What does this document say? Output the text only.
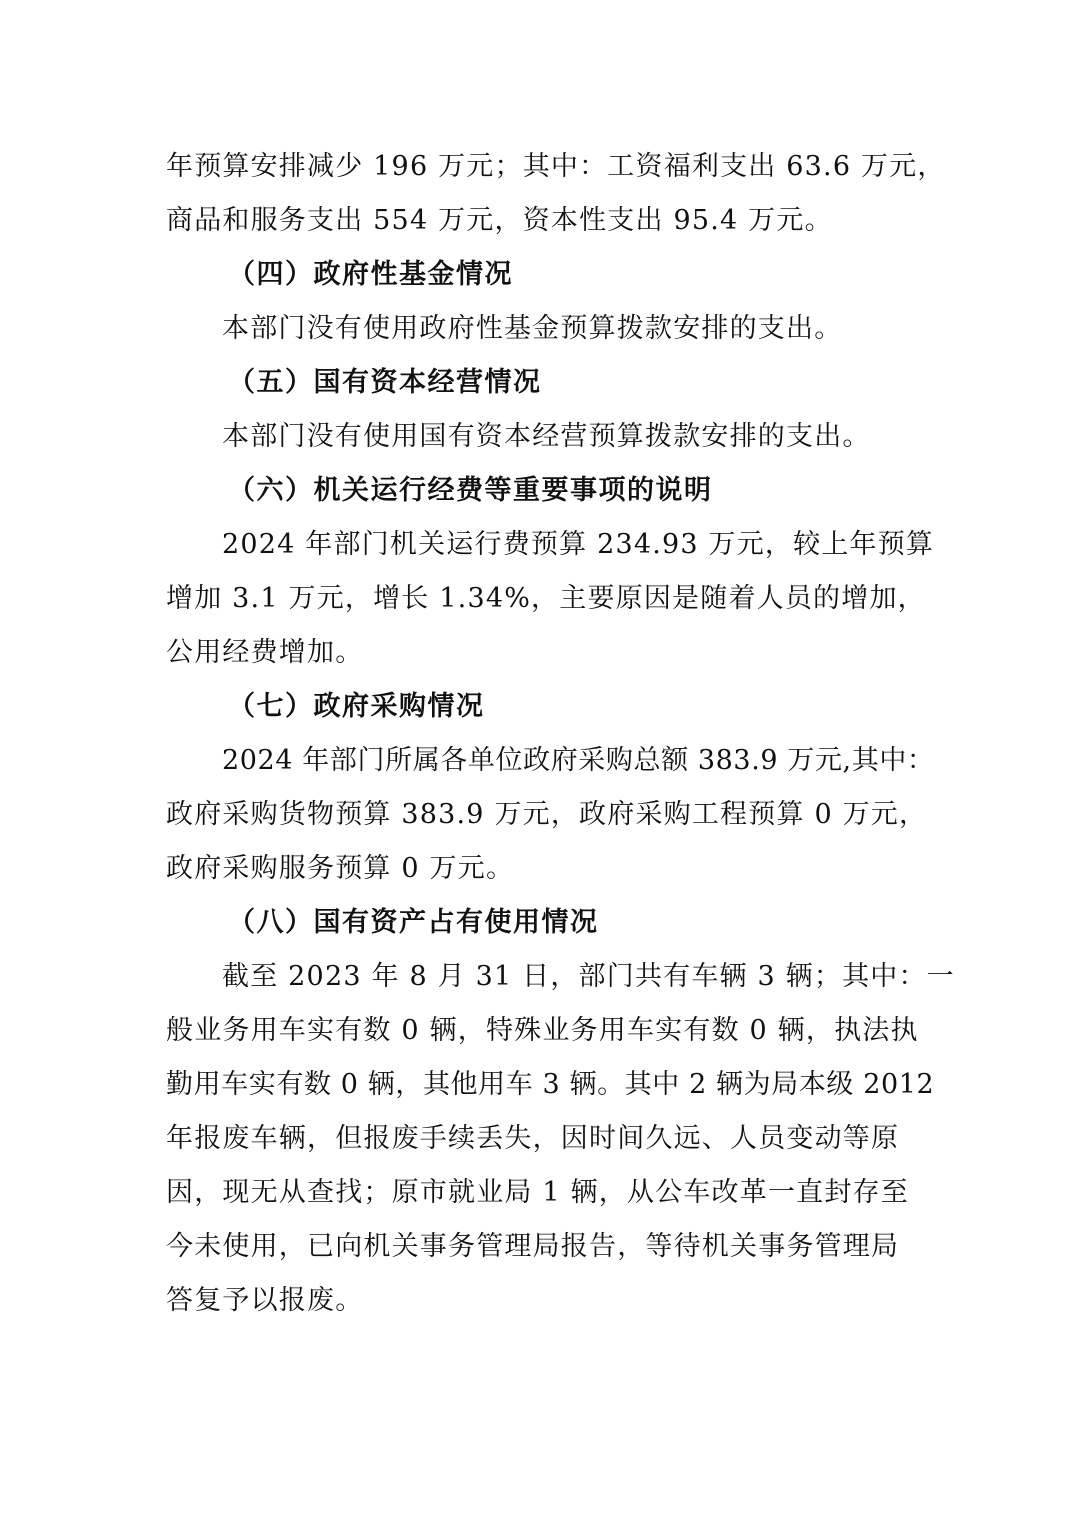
年预算安排减少 196 万元；其中：工资福利支出 63.6 万元，
商品和服务支出 554 万元，资本性支出 95.4 万元。
（四）政府性基金情况
本部门没有使用政府性基金预算拨款安排的支出。
（五）国有资本经营情况
本部门没有使用国有资本经营预算拨款安排的支出。
（六）机关运行经费等重要事项的说明
2024 年部门机关运行费预算 234.93 万元，较上年预算
增加 3.1 万元，增长 1.34%，主要原因是随着人员的增加，
公用经费增加。
（七）政府采购情况
2024 年部门所属各单位政府采购总额 383.9 万元,其中：
政府采购货物预算 383.9 万元，政府采购工程预算 0 万元，
政府采购服务预算 0 万元。
（八）国有资产占有使用情况
截至 2023 年 8 月 31 日，部门共有车辆 3 辆；其中：一
般业务用车实有数 0 辆，特殊业务用车实有数 0 辆，执法执
勤用车实有数 0 辆，其他用车 3 辆。其中 2 辆为局本级 2012
年报废车辆，但报废手续丢失，因时间久远、人员变动等原
因，现无从查找；原市就业局 1 辆，从公车改革一直封存至
今未使用，已向机关事务管理局报告，等待机关事务管理局
答复予以报废。
